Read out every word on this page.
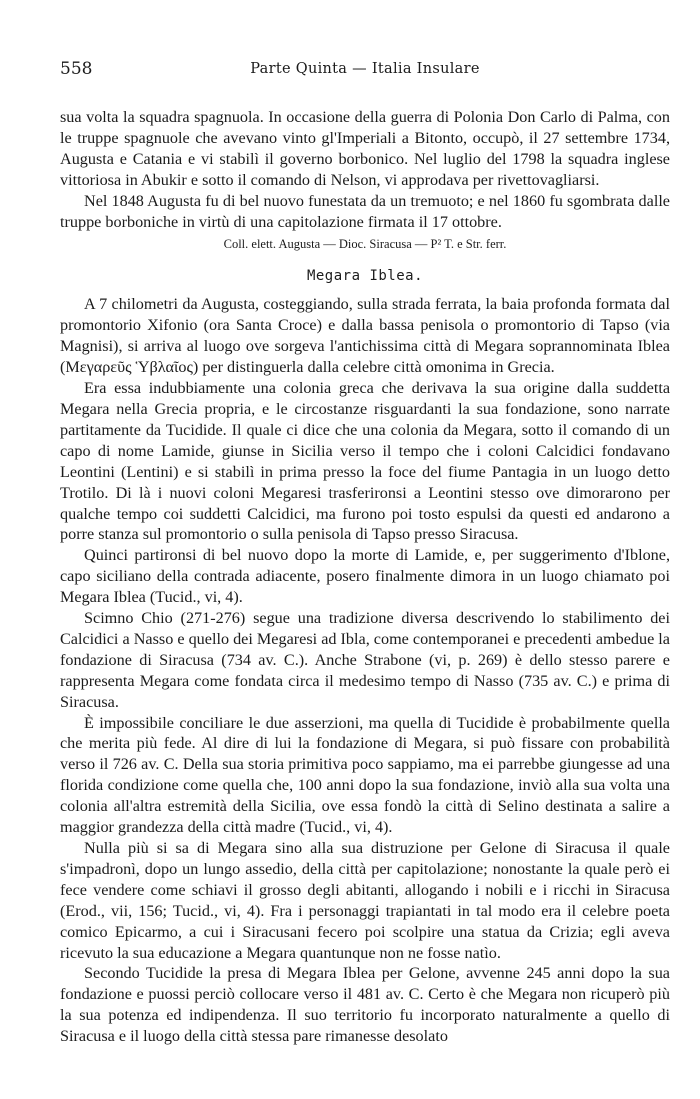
558	Parte Quinta — Italia Insulare

sua volta la squadra spagnuola. In occasione della guerra di Polonia Don Carlo di Palma, con le truppe spagnuole che avevano vinto gl'Imperiali a Bitonto, occupò, il 27 settembre 1734, Augusta e Catania e vi stabilì il governo borbonico. Nel luglio del 1798 la squadra inglese vittoriosa in Abukir e sotto il comando di Nelson, vi approdava per rivettovagliarsi.

Nel 1848 Augusta fu di bel nuovo funestata da un tremuoto; e nel 1860 fu sgombrata dalle truppe borboniche in virtù di una capitolazione firmata il 17 ottobre.

Coll. elett. Augusta — Dioc. Siracusa — P² T. e Str. ferr.
Megara Iblea.

A 7 chilometri da Augusta, costeggiando, sulla strada ferrata, la baia profonda formata dal promontorio Xifonio (ora Santa Croce) e dalla bassa penisola o promontorio di Tapso (via Magnisi), si arriva al luogo ove sorgeva l'antichissima città di Megara soprannominata Iblea (Μεγαρεῦς Ὑβλαῖος) per distinguerla dalla celebre città omonima in Grecia.

Era essa indubbiamente una colonia greca che derivava la sua origine dalla suddetta Megara nella Grecia propria, e le circostanze risguardanti la sua fondazione, sono narrate partitamente da Tucidide. Il quale ci dice che una colonia da Megara, sotto il comando di un capo di nome Lamide, giunse in Sicilia verso il tempo che i coloni Calcidici fondavano Leontini (Lentini) e si stabilì in prima presso la foce del fiume Pantagia in un luogo detto Trotilo. Di là i nuovi coloni Megaresi trasferironsi a Leontini stesso ove dimorarono per qualche tempo coi suddetti Calcidici, ma furono poi tosto espulsi da questi ed andarono a porre stanza sul promontorio o sulla penisola di Tapso presso Siracusa.

Quinci partironsi di bel nuovo dopo la morte di Lamide, e, per suggerimento d'Iblone, capo siciliano della contrada adiacente, posero finalmente dimora in un luogo chiamato poi Megara Iblea (Tucid., vi, 4).

Scimno Chio (271-276) segue una tradizione diversa descrivendo lo stabilimento dei Calcidici a Nasso e quello dei Megaresi ad Ibla, come contemporanei e precedenti ambedue la fondazione di Siracusa (734 av. C.). Anche Strabone (vi, p. 269) è dello stesso parere e rappresenta Megara come fondata circa il medesimo tempo di Nasso (735 av. C.) e prima di Siracusa.

È impossibile conciliare le due asserzioni, ma quella di Tucidide è probabilmente quella che merita più fede. Al dire di lui la fondazione di Megara, si può fissare con probabilità verso il 726 av. C. Della sua storia primitiva poco sappiamo, ma ei parrebbe giungesse ad una florida condizione come quella che, 100 anni dopo la sua fondazione, inviò alla sua volta una colonia all'altra estremità della Sicilia, ove essa fondò la città di Selino destinata a salire a maggior grandezza della città madre (Tucid., vi, 4).

Nulla più si sa di Megara sino alla sua distruzione per Gelone di Siracusa il quale s'impadronì, dopo un lungo assedio, della città per capitolazione; nonostante la quale però ei fece vendere come schiavi il grosso degli abitanti, allogando i nobili e i ricchi in Siracusa (Erod., vii, 156; Tucid., vi, 4). Fra i personaggi trapiantati in tal modo era il celebre poeta comico Epicarmo, a cui i Siracusani fecero poi scolpire una statua da Crizia; egli aveva ricevuto la sua educazione a Megara quantunque non ne fosse natìo.

Secondo Tucidide la presa di Megara Iblea per Gelone, avvenne 245 anni dopo la sua fondazione e puossi perciò collocare verso il 481 av. C. Certo è che Megara non ricuperò più la sua potenza ed indipendenza. Il suo territorio fu incorporato naturalmente a quello di Siracusa e il luogo della città stessa pare rimanesse desolato
